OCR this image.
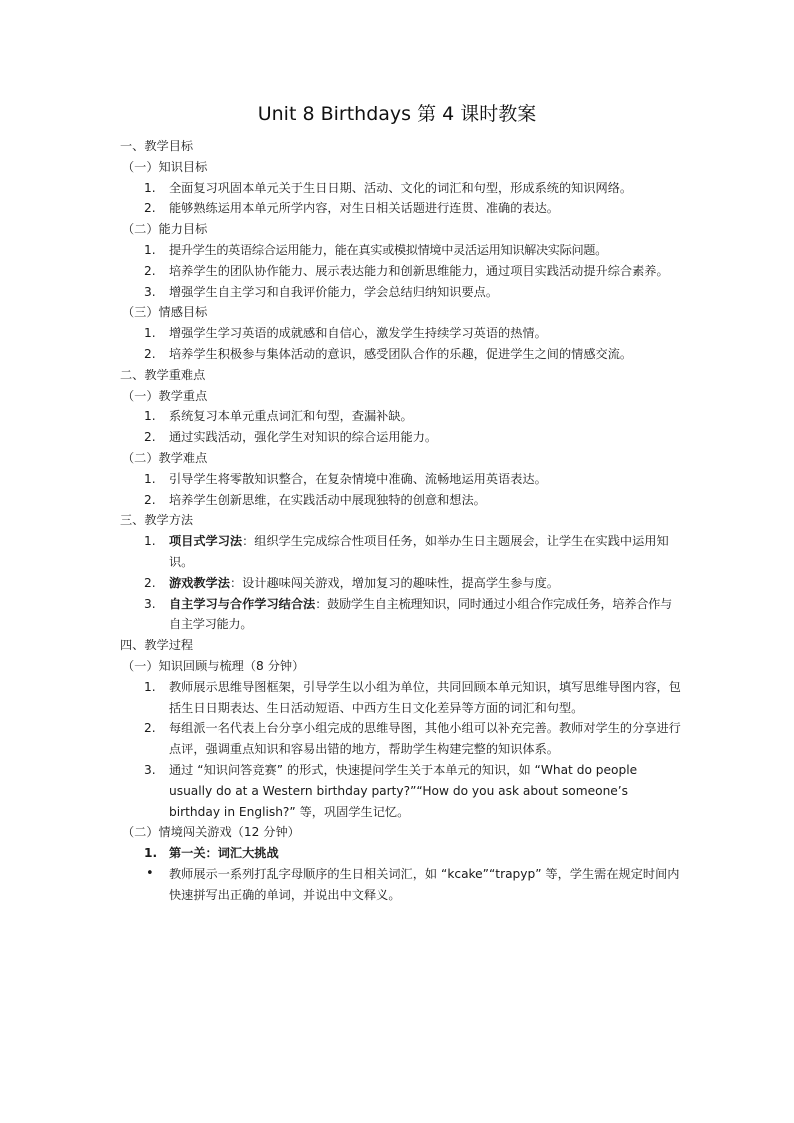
Unit 8 Birthdays 第 4 课时教案

一、教学目标

（一）知识目标

1. 全面复习巩固本单元关于生日日期、活动、文化的词汇和句型，形成系统的知识网络。
2. 能够熟练运用本单元所学内容，对生日相关话题进行连贯、准确的表达。

（二）能力目标

1. 提升学生的英语综合运用能力，能在真实或模拟情境中灵活运用知识解决实际问题。
2. 培养学生的团队协作能力、展示表达能力和创新思维能力，通过项目实践活动提升综合素养。
3. 增强学生自主学习和自我评价能力，学会总结归纳知识要点。

（三）情感目标

1. 增强学生学习英语的成就感和自信心，激发学生持续学习英语的热情。
2. 培养学生积极参与集体活动的意识，感受团队合作的乐趣，促进学生之间的情感交流。

二、教学重难点

（一）教学重点

1. 系统复习本单元重点词汇和句型，查漏补缺。
2. 通过实践活动，强化学生对知识的综合运用能力。

（二）教学难点

1. 引导学生将零散知识整合，在复杂情境中准确、流畅地运用英语表达。
2. 培养学生创新思维，在实践活动中展现独特的创意和想法。

三、教学方法

1. 项目式学习法：组织学生完成综合性项目任务，如举办生日主题展会，让学生在实践中运用知识。
2. 游戏教学法：设计趣味闯关游戏，增加复习的趣味性，提高学生参与度。
3. 自主学习与合作学习结合法：鼓励学生自主梳理知识，同时通过小组合作完成任务，培养合作与自主学习能力。

四、教学过程

（一）知识回顾与梳理（8 分钟）

1. 教师展示思维导图框架，引导学生以小组为单位，共同回顾本单元知识，填写思维导图内容，包括生日日期表达、生日活动短语、中西方生日文化差异等方面的词汇和句型。
2. 每组派一名代表上台分享小组完成的思维导图，其他小组可以补充完善。教师对学生的分享进行点评，强调重点知识和容易出错的地方，帮助学生构建完整的知识体系。
3. 通过 “知识问答竞赛” 的形式，快速提问学生关于本单元的知识，如 “What do people usually do at a Western birthday party?”“How do you ask about someone’s birthday in English?” 等，巩固学生记忆。

（二）情境闯关游戏（12 分钟）

1. 第一关：词汇大挑战
• 教师展示一系列打乱字母顺序的生日相关词汇，如 “kcake”“trapyp” 等，学生需在规定时间内快速拼写出正确的单词，并说出中文释义。
